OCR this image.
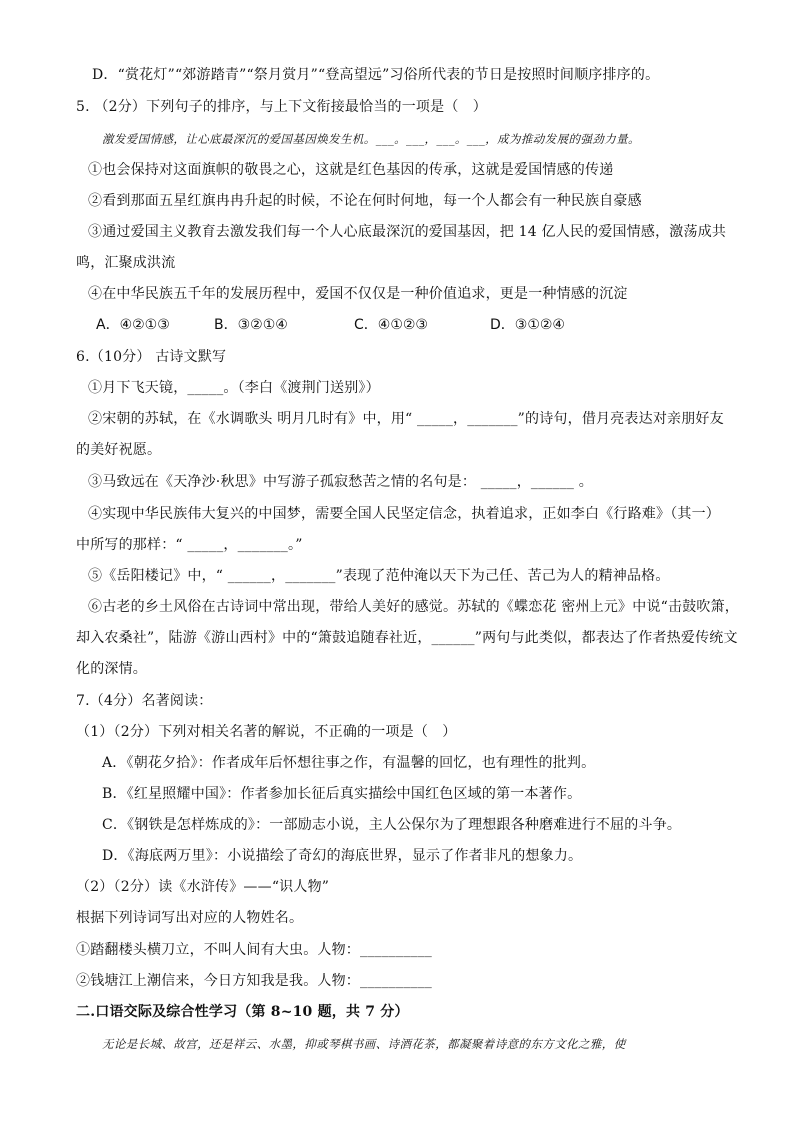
D．“赏花灯”“郊游踏青”“祭月赏月”“登高望远”习俗所代表的节日是按照时间顺序排序的。
5. （2分）下列句子的排序，与上下文衔接最恰当的一项是（　）
激发爱国情感，让心底最深沉的爱国基因焕发生机。___。___，___。___，成为推动发展的强劲力量。
①也会保持对这面旗帜的敬畏之心，这就是红色基因的传承，这就是爱国情感的传递
②看到那面五星红旗冉冉升起的时候，不论在何时何地，每一个人都会有一种民族自豪感
③通过爱国主义教育去激发我们每一个人心底最深沉的爱国基因，把 14 亿人民的爱国情感，激荡成共
鸣，汇聚成洪流
④在中华民族五千年的发展历程中，爱国不仅仅是一种价值追求，更是一种情感的沉淀
A．④②①③	B．③②①④	C．④①②③	D．③①②④
6.（10分） 古诗文默写
①月下飞天镜，_____。（李白《渡荆门送别》）
②宋朝的苏轼，在《水调歌头 明月几时有》中，用“ _____，_______”的诗句，借月亮表达对亲朋好友
的美好祝愿。
③马致远在《天净沙·秋思》中写游子孤寂愁苦之情的名句是： _____，______ 。
④实现中华民族伟大复兴的中国梦，需要全国人民坚定信念，执着追求，正如李白《行路难》（其一）
中所写的那样：“ _____，_______。”
⑤《岳阳楼记》中，“ ______，_______”表现了范仲淹以天下为己任、苦己为人的精神品格。
⑥古老的乡土风俗在古诗词中常出现，带给人美好的感觉。苏轼的《蝶恋花 密州上元》中说“击鼓吹箫，
却入农桑社”，陆游《游山西村》中的“箫鼓追随春社近，______”两句与此类似，都表达了作者热爱传统文
化的深情。
7.（4分）名著阅读：
（1）（2分）下列对相关名著的解说，不正确的一项是（　）
A．《朝花夕拾》：作者成年后怀想往事之作，有温馨的回忆，也有理性的批判。
B．《红星照耀中国》：作者参加长征后真实描绘中国红色区域的第一本著作。
C．《钢铁是怎样炼成的》：一部励志小说，主人公保尔为了理想跟各种磨难进行不屈的斗争。
D．《海底两万里》：小说描绘了奇幻的海底世界，显示了作者非凡的想象力。
（2）（2分）读《水浒传》——“识人物”
根据下列诗词写出对应的人物姓名。
①踏翻楼头横刀立，不叫人间有大虫。人物：__________
②钱塘江上潮信来，今日方知我是我。人物：__________
二.口语交际及综合性学习（第 8~10 题，共 7 分）
无论是长城、故宫，还是祥云、水墨，抑或琴棋书画、诗酒花茶，都凝聚着诗意的东方文化之雅，使
